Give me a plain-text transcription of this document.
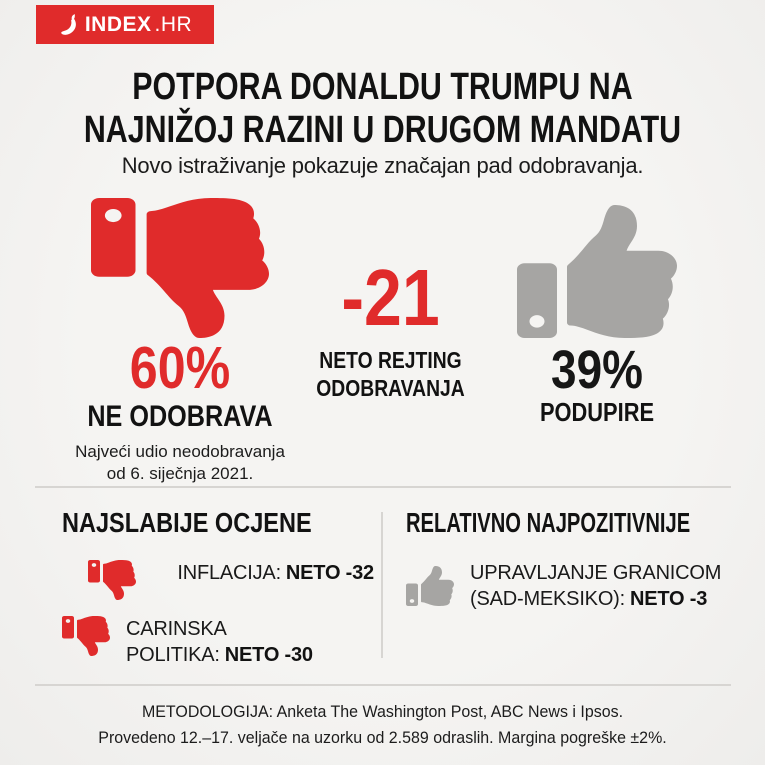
INDEX .HR
POTPORA DONALDU TRUMPU NA
NAJNIŽOJ RAZINI U DRUGOM MANDATU
Novo istraživanje pokazuje značajan pad odobravanja.
60%
NE ODOBRAVA
Najveći udio neodobravanja
od 6. siječnja 2021.
-21
NETO REJTING
ODOBRAVANJA	39%
PODUPIRE
NAJSLABIJE OCJENE
INFLACIJA: NETO -32
CARINSKA POLITIKA: NETO -30
RELATIVNO NAJPOZITIVNIJE
UPRAVLJANJE GRANICOM (SAD-MEKSIKO): NETO -3
METODOLOGIJA: Anketa The Washington Post, ABC News i Ipsos.
Provedeno 12.–17. veljače na uzorku od 2.589 odraslih. Margina pogreške ±2%.
